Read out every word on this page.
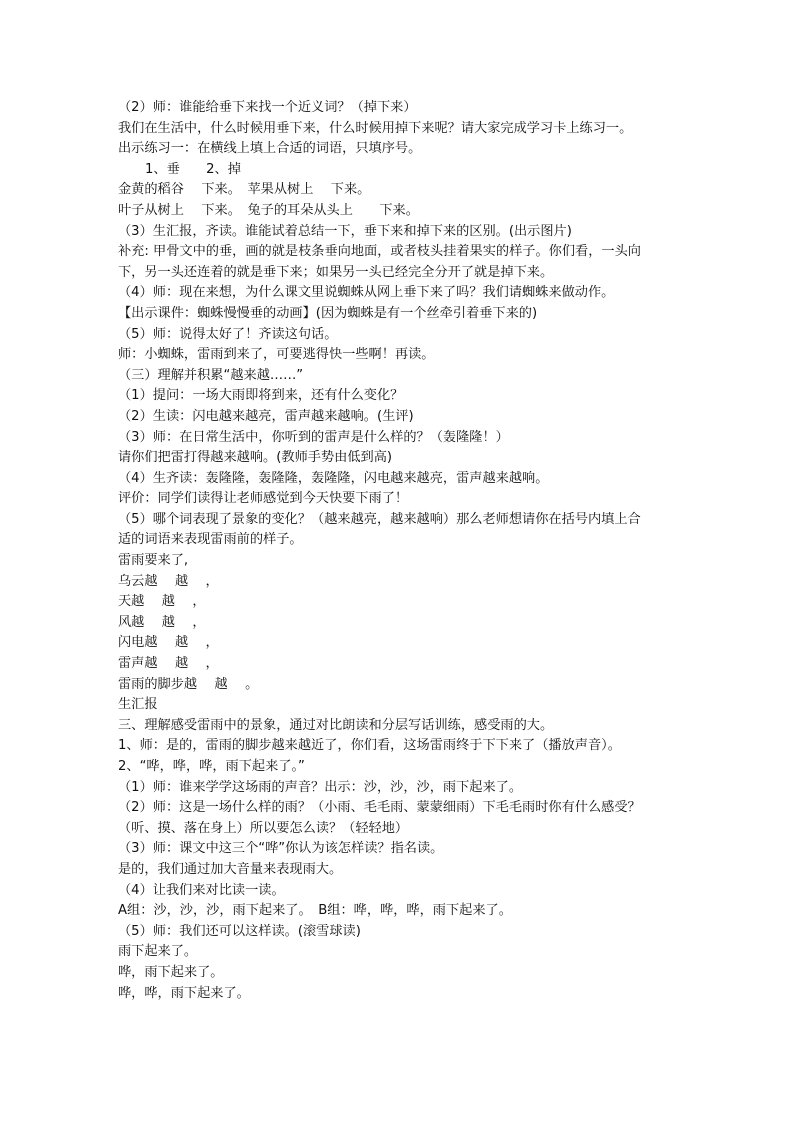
（2）师：谁能给垂下来找一个近义词？（掉下来）
我们在生活中，什么时候用垂下来，什么时候用掉下来呢？请大家完成学习卡上练习一。
出示练习一：在横线上填上合适的词语，只填序号。
1、垂　　2、掉
金黄的稻谷　 下来。　苹果从树上　 下来。
叶子从树上　 下来。　兔子的耳朵从头上　　下来。
（3）生汇报，齐读。谁能试着总结一下，垂下来和掉下来的区别。(出示图片)
补充: 甲骨文中的垂，画的就是枝条垂向地面，或者枝头挂着果实的样子。你们看，一头向
下，另一头还连着的就是垂下来；如果另一头已经完全分开了就是掉下来。
（4）师：现在来想，为什么课文里说蜘蛛从网上垂下来了吗？我们请蜘蛛来做动作。
【出示课件：蜘蛛慢慢垂的动画】(因为蜘蛛是有一个丝牵引着垂下来的)
（5）师：说得太好了！齐读这句话。
师：小蜘蛛，雷雨到来了，可要逃得快一些啊！再读。
（三）理解并积累“越来越……”
（1）提问：一场大雨即将到来，还有什么变化？
（2）生读：闪电越来越亮，雷声越来越响。(生评)
（3）师：在日常生活中，你听到的雷声是什么样的？（轰隆隆！）
请你们把雷打得越来越响。(教师手势由低到高)
（4）生齐读：轰隆隆，轰隆隆，轰隆隆，闪电越来越亮，雷声越来越响。
评价：同学们读得让老师感觉到今天快要下雨了！
（5）哪个词表现了景象的变化？（越来越亮，越来越响）那么老师想请你在括号内填上合
适的词语来表现雷雨前的样子。
雷雨要来了,
乌云越　 越　 ，
天越　 越　 ，
风越　 越　 ，
闪电越　 越　 ，
雷声越　 越　 ，
雷雨的脚步越　 越　 。
生汇报
三、理解感受雷雨中的景象，通过对比朗读和分层写话训练，感受雨的大。
1、师：是的，雷雨的脚步越来越近了，你们看，这场雷雨终于下下来了（播放声音）。
2、“哗，哗，哗，雨下起来了。”
（1）师：谁来学学这场雨的声音？出示：沙，沙，沙，雨下起来了。
（2）师：这是一场什么样的雨？（小雨、毛毛雨、蒙蒙细雨）下毛毛雨时你有什么感受？
（听、摸、落在身上）所以要怎么读？（轻轻地）
（3）师：课文中这三个“哗”你认为该怎样读？指名读。
是的，我们通过加大音量来表现雨大。
（4）让我们来对比读一读。
A组：沙，沙，沙，雨下起来了。　B组：哗，哗，哗，雨下起来了。
（5）师：我们还可以这样读。(滚雪球读)
雨下起来了。
哗，雨下起来了。
哗，哗，雨下起来了。
